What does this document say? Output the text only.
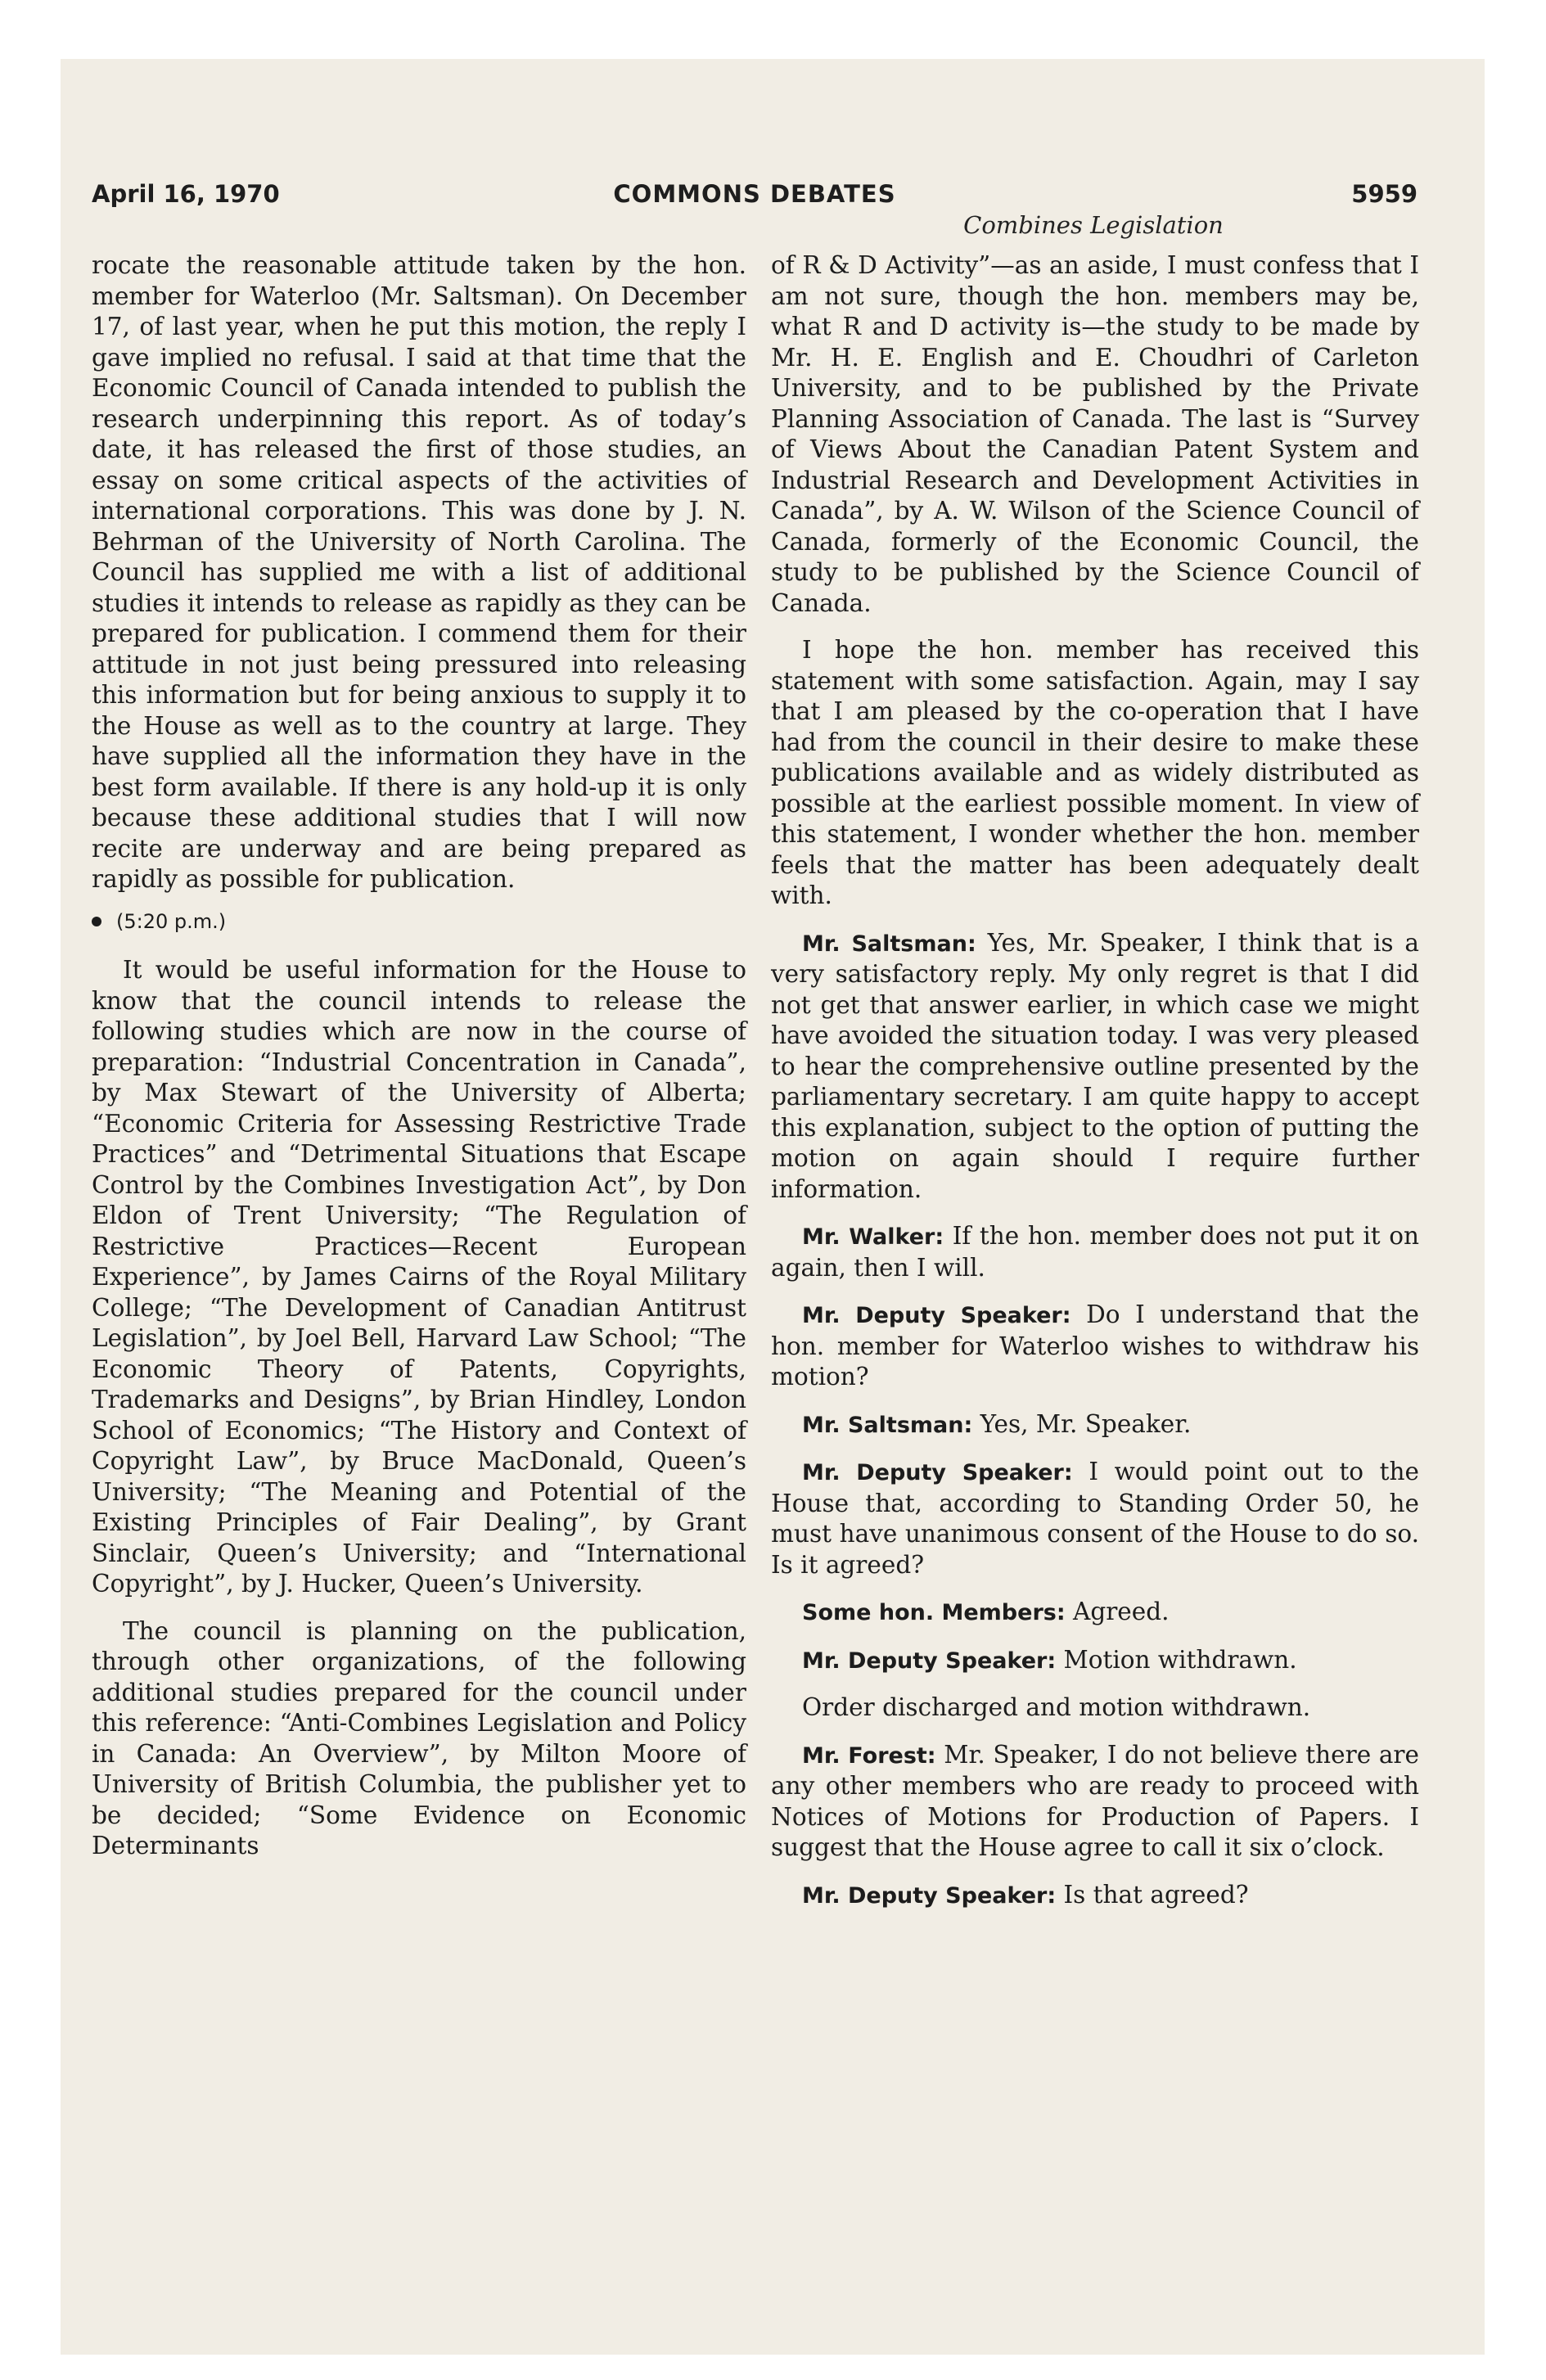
April 16, 1970	COMMONS DEBATES	5959
Combines Legislation

rocate the reasonable attitude taken by the hon. member for Waterloo (Mr. Saltsman). On December 17, of last year, when he put this motion, the reply I gave implied no refusal. I said at that time that the Economic Council of Canada intended to publish the research underpinning this report. As of today’s date, it has released the first of those studies, an essay on some critical aspects of the activities of international corporations. This was done by J. N. Behrman of the University of North Carolina. The Council has supplied me with a list of additional studies it intends to release as rapidly as they can be prepared for publication. I commend them for their attitude in not just being pressured into releasing this information but for being anxious to supply it to the House as well as to the country at large. They have supplied all the information they have in the best form available. If there is any hold-up it is only because these additional studies that I will now recite are underway and are being prepared as rapidly as possible for publication.

(5:20 p.m.)

It would be useful information for the House to know that the council intends to release the following studies which are now in the course of preparation: “Industrial Concentration in Canada”, by Max Stewart of the University of Alberta; “Economic Criteria for Assessing Restrictive Trade Practices” and “Detrimental Situations that Escape Control by the Combines Investigation Act”, by Don Eldon of Trent University; “The Regulation of Restrictive Practices—Recent European Experience”, by James Cairns of the Royal Military College; “The Development of Canadian Antitrust Legislation”, by Joel Bell, Harvard Law School; “The Economic Theory of Patents, Copyrights, Trademarks and Designs”, by Brian Hindley, London School of Economics; “The History and Context of Copyright Law”, by Bruce MacDonald, Queen’s University; “The Meaning and Potential of the Existing Principles of Fair Dealing”, by Grant Sinclair, Queen’s University; and “International Copyright”, by J. Hucker, Queen’s University.

The council is planning on the publication, through other organizations, of the following additional studies prepared for the council under this reference: “Anti-Combines Legislation and Policy in Canada: An Overview”, by Milton Moore of University of British Columbia, the publisher yet to be decided; “Some Evidence on Economic Determinants

of R & D Activity”—as an aside, I must confess that I am not sure, though the hon. members may be, what R and D activity is—the study to be made by Mr. H. E. English and E. Choudhri of Carleton University, and to be published by the Private Planning Association of Canada. The last is “Survey of Views About the Canadian Patent System and Industrial Research and Development Activities in Canada”, by A. W. Wilson of the Science Council of Canada, formerly of the Economic Council, the study to be published by the Science Council of Canada.

I hope the hon. member has received this statement with some satisfaction. Again, may I say that I am pleased by the co-operation that I have had from the council in their desire to make these publications available and as widely distributed as possible at the earliest possible moment. In view of this statement, I wonder whether the hon. member feels that the matter has been adequately dealt with.

Mr. Saltsman: Yes, Mr. Speaker, I think that is a very satisfactory reply. My only regret is that I did not get that answer earlier, in which case we might have avoided the situation today. I was very pleased to hear the comprehensive outline presented by the parliamentary secretary. I am quite happy to accept this explanation, subject to the option of putting the motion on again should I require further information.

Mr. Walker: If the hon. member does not put it on again, then I will.

Mr. Deputy Speaker: Do I understand that the hon. member for Waterloo wishes to withdraw his motion?

Mr. Saltsman: Yes, Mr. Speaker.

Mr. Deputy Speaker: I would point out to the House that, according to Standing Order 50, he must have unanimous consent of the House to do so. Is it agreed?

Some hon. Members: Agreed.

Mr. Deputy Speaker: Motion withdrawn.

Order discharged and motion withdrawn.

Mr. Forest: Mr. Speaker, I do not believe there are any other members who are ready to proceed with Notices of Motions for Production of Papers. I suggest that the House agree to call it six o’clock.

Mr. Deputy Speaker: Is that agreed?
